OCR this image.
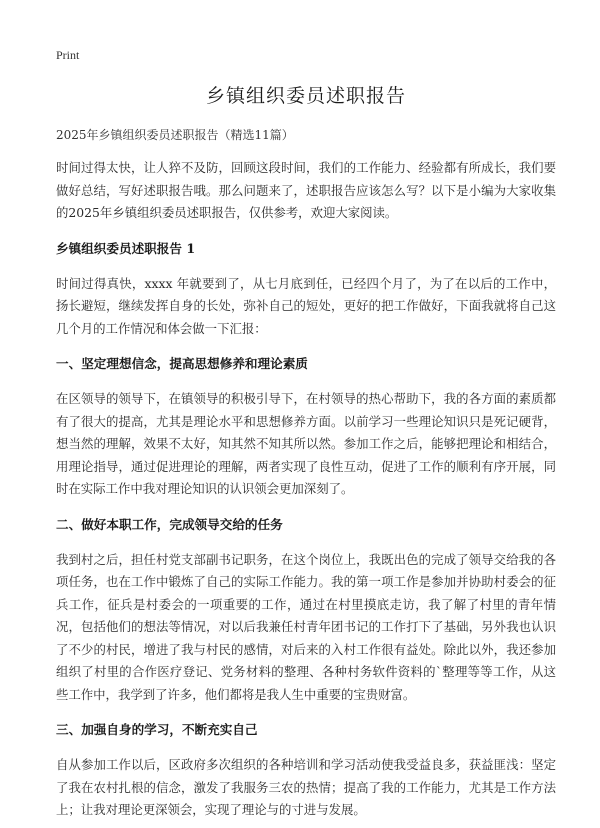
Print
乡镇组织委员述职报告
2025年乡镇组织委员述职报告（精选11篇）
时间过得太快，让人猝不及防，回顾这段时间，我们的工作能力、经验都有所成长，我们要做好总结，写好述职报告哦。那么问题来了，述职报告应该怎么写？以下是小编为大家收集的2025年乡镇组织委员述职报告，仅供参考，欢迎大家阅读。
乡镇组织委员述职报告 1
时间过得真快，xxxx 年就要到了，从七月底到任，已经四个月了，为了在以后的工作中，扬长避短，继续发挥自身的长处，弥补自己的短处，更好的把工作做好，下面我就将自己这几个月的工作情况和体会做一下汇报：
一、坚定理想信念，提高思想修养和理论素质
在区领导的领导下，在镇领导的积极引导下，在村领导的热心帮助下，我的各方面的素质都有了很大的提高，尤其是理论水平和思想修养方面。以前学习一些理论知识只是死记硬背，想当然的理解，效果不太好，知其然不知其所以然。参加工作之后，能够把理论和相结合，用理论指导，通过促进理论的理解，两者实现了良性互动，促进了工作的顺利有序开展，同时在实际工作中我对理论知识的认识领会更加深刻了。
二、做好本职工作，完成领导交给的任务
我到村之后，担任村党支部副书记职务，在这个岗位上，我既出色的完成了领导交给我的各项任务，也在工作中锻炼了自己的实际工作能力。我的第一项工作是参加并协助村委会的征兵工作，征兵是村委会的一项重要的工作，通过在村里摸底走访，我了解了村里的青年情况，包括他们的想法等情况，对以后我兼任村青年团书记的工作打下了基础，另外我也认识了不少的村民，增进了我与村民的感情，对后来的入村工作很有益处。除此以外，我还参加组织了村里的合作医疗登记、党务材料的整理、各种村务软件资料的`整理等等工作，从这些工作中，我学到了许多，他们都将是我人生中重要的宝贵财富。
三、加强自身的学习，不断充实自己
自从参加工作以后，区政府多次组织的各种培训和学习活动使我受益良多，获益匪浅：坚定了我在农村扎根的信念，激发了我服务三农的热情；提高了我的工作能力，尤其是工作方法上；让我对理论更深领会，实现了理论与的寸进与发展。
